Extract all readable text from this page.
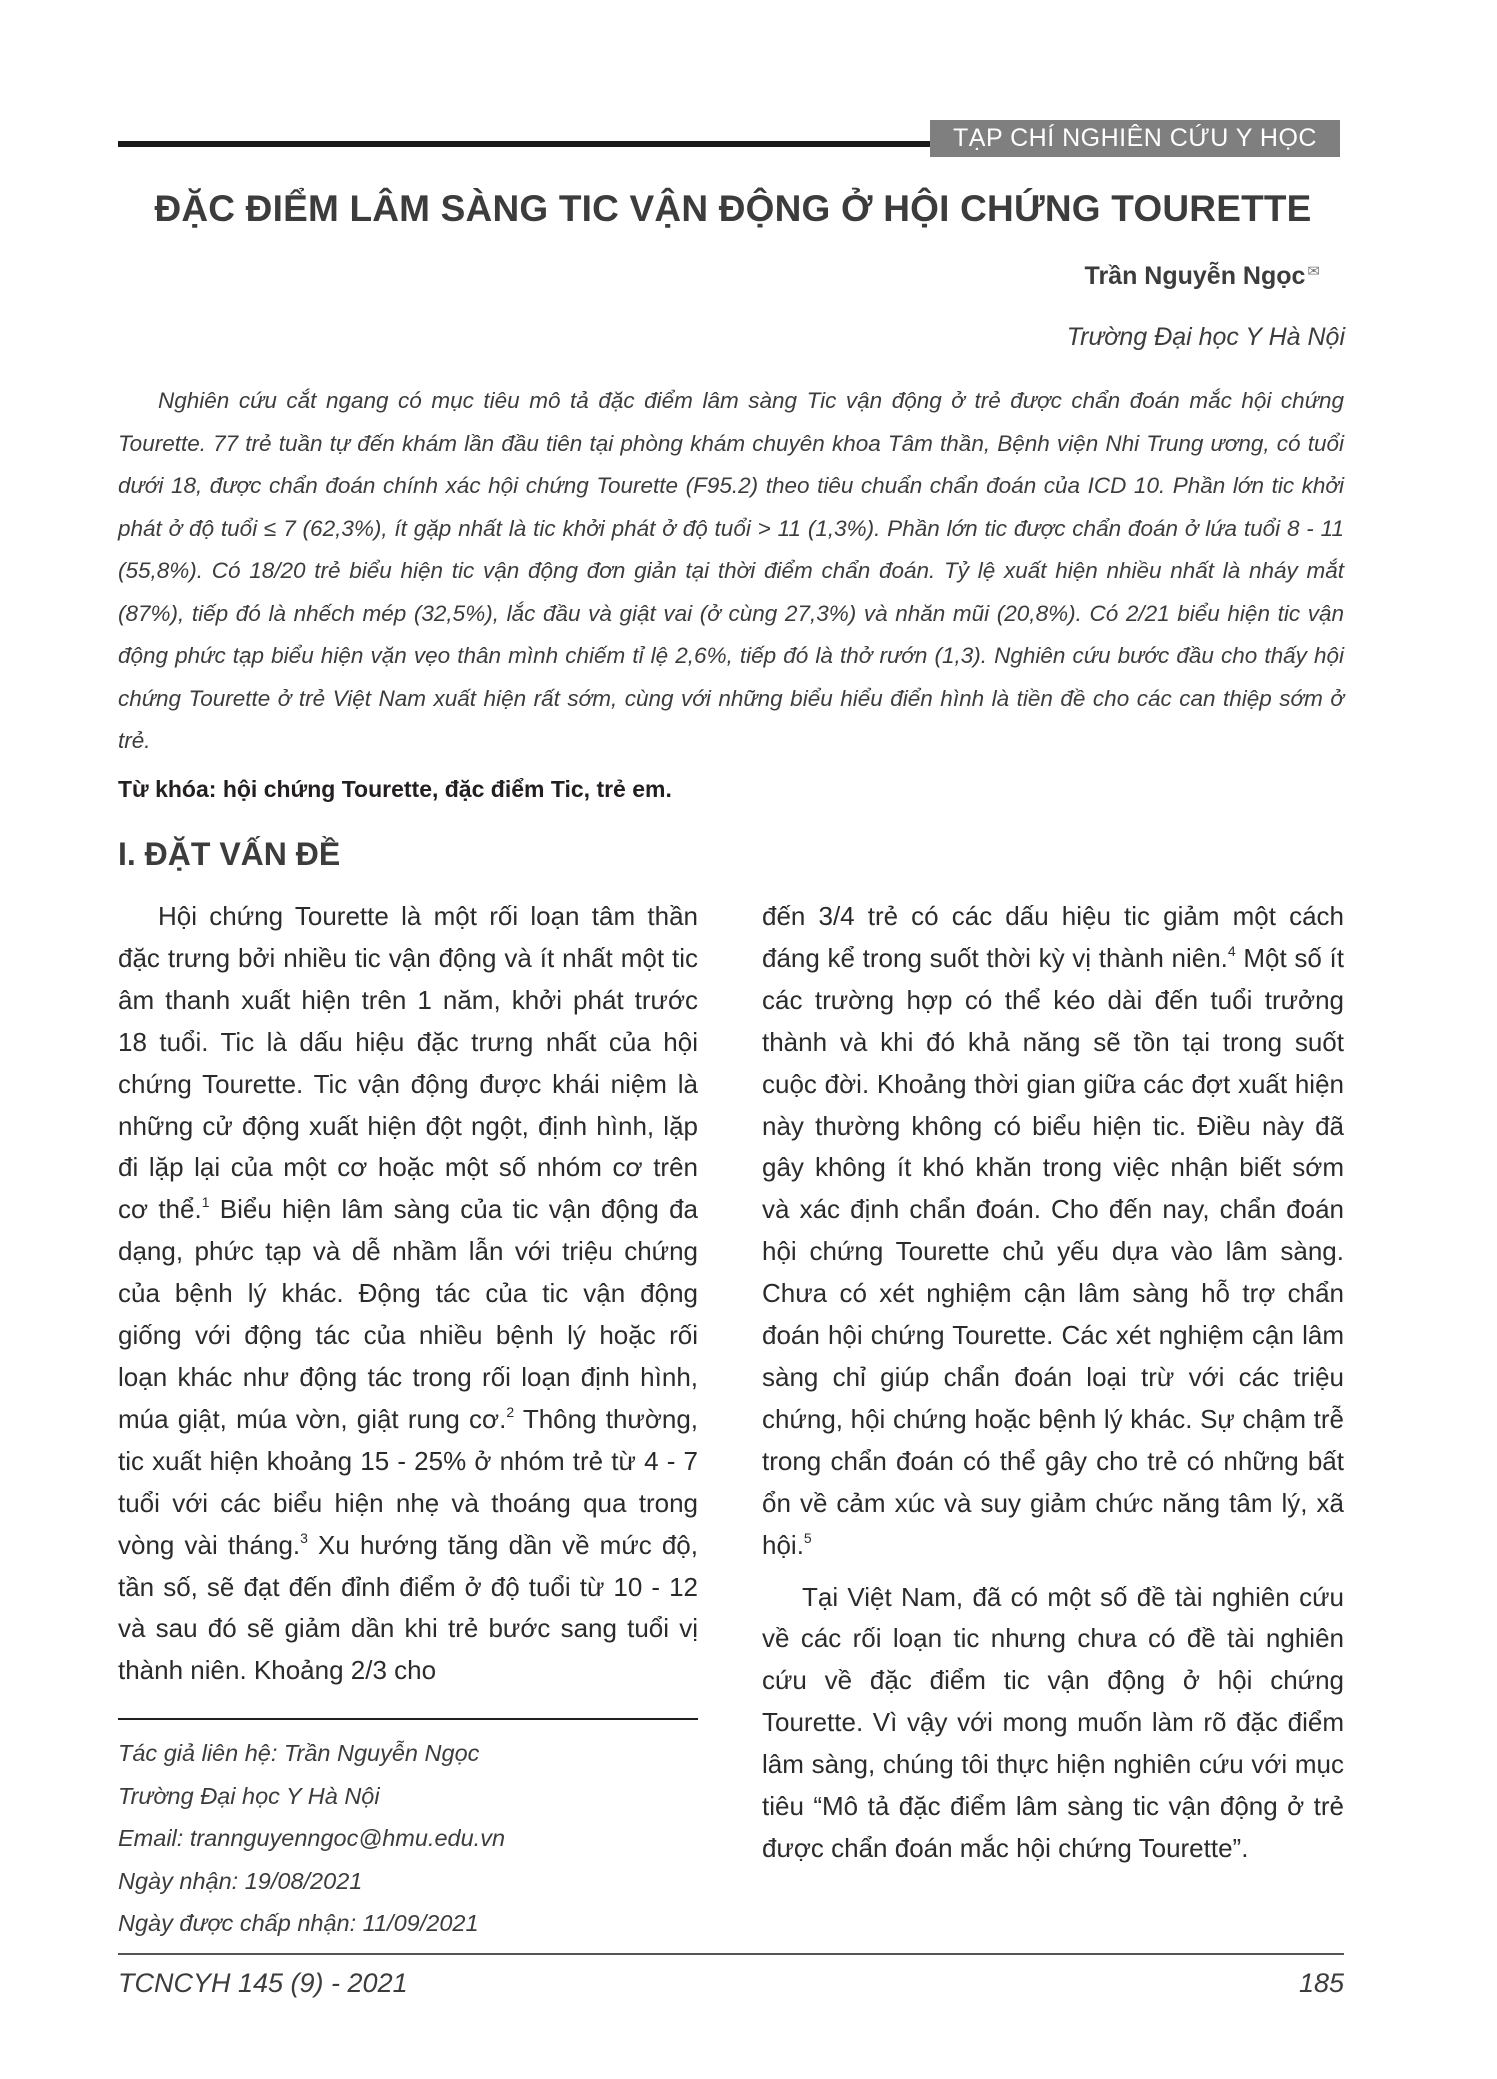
TẠP CHÍ NGHIÊN CỨU Y HỌC
ĐẶC ĐIỂM LÂM SÀNG TIC VẬN ĐỘNG Ở HỘI CHỨNG TOURETTE
Trần Nguyễn Ngọc ✉
Trường Đại học Y Hà Nội
Nghiên cứu cắt ngang có mục tiêu mô tả đặc điểm lâm sàng Tic vận động ở trẻ được chẩn đoán mắc hội chứng Tourette. 77 trẻ tuần tự đến khám lần đầu tiên tại phòng khám chuyên khoa Tâm thần, Bệnh viện Nhi Trung ương, có tuổi dưới 18, được chẩn đoán chính xác hội chứng Tourette (F95.2) theo tiêu chuẩn chẩn đoán của ICD 10. Phần lớn tic khởi phát ở độ tuổi ≤ 7 (62,3%), ít gặp nhất là tic khởi phát ở độ tuổi > 11 (1,3%). Phần lớn tic được chẩn đoán ở lứa tuổi 8 - 11 (55,8%). Có 18/20 trẻ biểu hiện tic vận động đơn giản tại thời điểm chẩn đoán. Tỷ lệ xuất hiện nhiều nhất là nháy mắt (87%), tiếp đó là nhếch mép (32,5%), lắc đầu và giật vai (ở cùng 27,3%) và nhăn mũi (20,8%). Có 2/21 biểu hiện tic vận động phức tạp biểu hiện vặn vẹo thân mình chiếm tỉ lệ 2,6%, tiếp đó là thở rướn (1,3). Nghiên cứu bước đầu cho thấy hội chứng Tourette ở trẻ Việt Nam xuất hiện rất sớm, cùng với những biểu hiểu điển hình là tiền đề cho các can thiệp sớm ở trẻ.
Từ khóa: hội chứng Tourette, đặc điểm Tic, trẻ em.
I. ĐẶT VẤN ĐỀ

Hội chứng Tourette là một rối loạn tâm thần đặc trưng bởi nhiều tic vận động và ít nhất một tic âm thanh xuất hiện trên 1 năm, khởi phát trước 18 tuổi. Tic là dấu hiệu đặc trưng nhất của hội chứng Tourette. Tic vận động được khái niệm là những cử động xuất hiện đột ngột, định hình, lặp đi lặp lại của một cơ hoặc một số nhóm cơ trên cơ thể.$^1$ Biểu hiện lâm sàng của tic vận động đa dạng, phức tạp và dễ nhầm lẫn với triệu chứng của bệnh lý khác. Động tác của tic vận động giống với động tác của nhiều bệnh lý hoặc rối loạn khác như động tác trong rối loạn định hình, múa giật, múa vờn, giật rung cơ.$^2$ Thông thường, tic xuất hiện khoảng 15 - 25% ở nhóm trẻ từ 4 - 7 tuổi với các biểu hiện nhẹ và thoáng qua trong vòng vài tháng.$^3$ Xu hướng tăng dần về mức độ, tần số, sẽ đạt đến đỉnh điểm ở độ tuổi từ 10 - 12 và sau đó sẽ giảm dần khi trẻ bước sang tuổi vị thành niên. Khoảng 2/3 cho

đến 3/4 trẻ có các dấu hiệu tic giảm một cách đáng kể trong suốt thời kỳ vị thành niên.$^4$ Một số ít các trường hợp có thể kéo dài đến tuổi trưởng thành và khi đó khả năng sẽ tồn tại trong suốt cuộc đời. Khoảng thời gian giữa các đợt xuất hiện này thường không có biểu hiện tic. Điều này đã gây không ít khó khăn trong việc nhận biết sớm và xác định chẩn đoán. Cho đến nay, chẩn đoán hội chứng Tourette chủ yếu dựa vào lâm sàng. Chưa có xét nghiệm cận lâm sàng hỗ trợ chẩn đoán hội chứng Tourette. Các xét nghiệm cận lâm sàng chỉ giúp chẩn đoán loại trừ với các triệu chứng, hội chứng hoặc bệnh lý khác. Sự chậm trễ trong chẩn đoán có thể gây cho trẻ có những bất ổn về cảm xúc và suy giảm chức năng tâm lý, xã hội.$^5$

Tại Việt Nam, đã có một số đề tài nghiên cứu về các rối loạn tic nhưng chưa có đề tài nghiên cứu về đặc điểm tic vận động ở hội chứng Tourette. Vì vậy với mong muốn làm rõ đặc điểm lâm sàng, chúng tôi thực hiện nghiên cứu với mục tiêu “Mô tả đặc điểm lâm sàng tic vận động ở trẻ được chẩn đoán mắc hội chứng Tourette”.

Tác giả liên hệ: Trần Nguyễn Ngọc
Trường Đại học Y Hà Nội
Email: trannguyenngoc@hmu.edu.vn
Ngày nhận: 19/08/2021
Ngày được chấp nhận: 11/09/2021
TCNCYH 145 (9) - 2021	185
